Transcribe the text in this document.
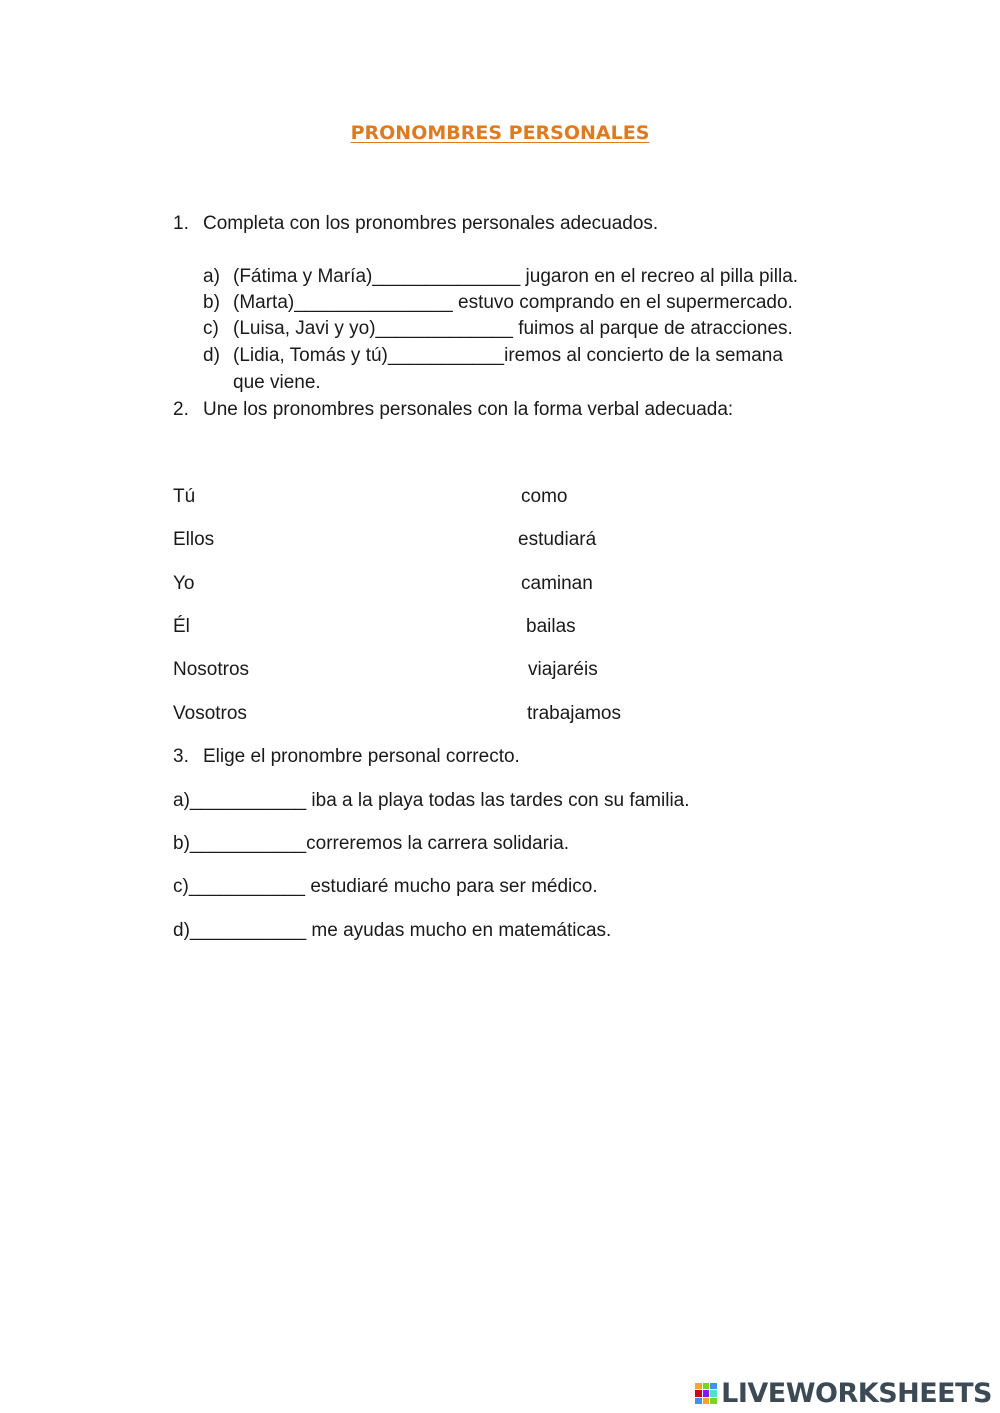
PRONOMBRES PERSONALES
1. Completa con los pronombres personales adecuados.
a) (Fátima y María)______________ jugaron en el recreo al pilla pilla.
b) (Marta)_______________ estuvo comprando en el supermercado.
c) (Luisa, Javi y yo)_____________ fuimos al parque de atracciones.
d) (Lidia, Tomás y tú)___________iremos al concierto de la semana
que viene.
2. Une los pronombres personales con la forma verbal adecuada:
Tú
Ellos
Yo
Él
Nosotros
Vosotros
como
estudiará
caminan
bailas
viajaréis
trabajamos
3. Elige el pronombre personal correcto.
a)___________ iba a la playa todas las tardes con su familia.
b)___________correremos la carrera solidaria.
c)___________ estudiaré mucho para ser médico.
d)___________ me ayudas mucho en matemáticas.
LIVEWORKSHEETS
